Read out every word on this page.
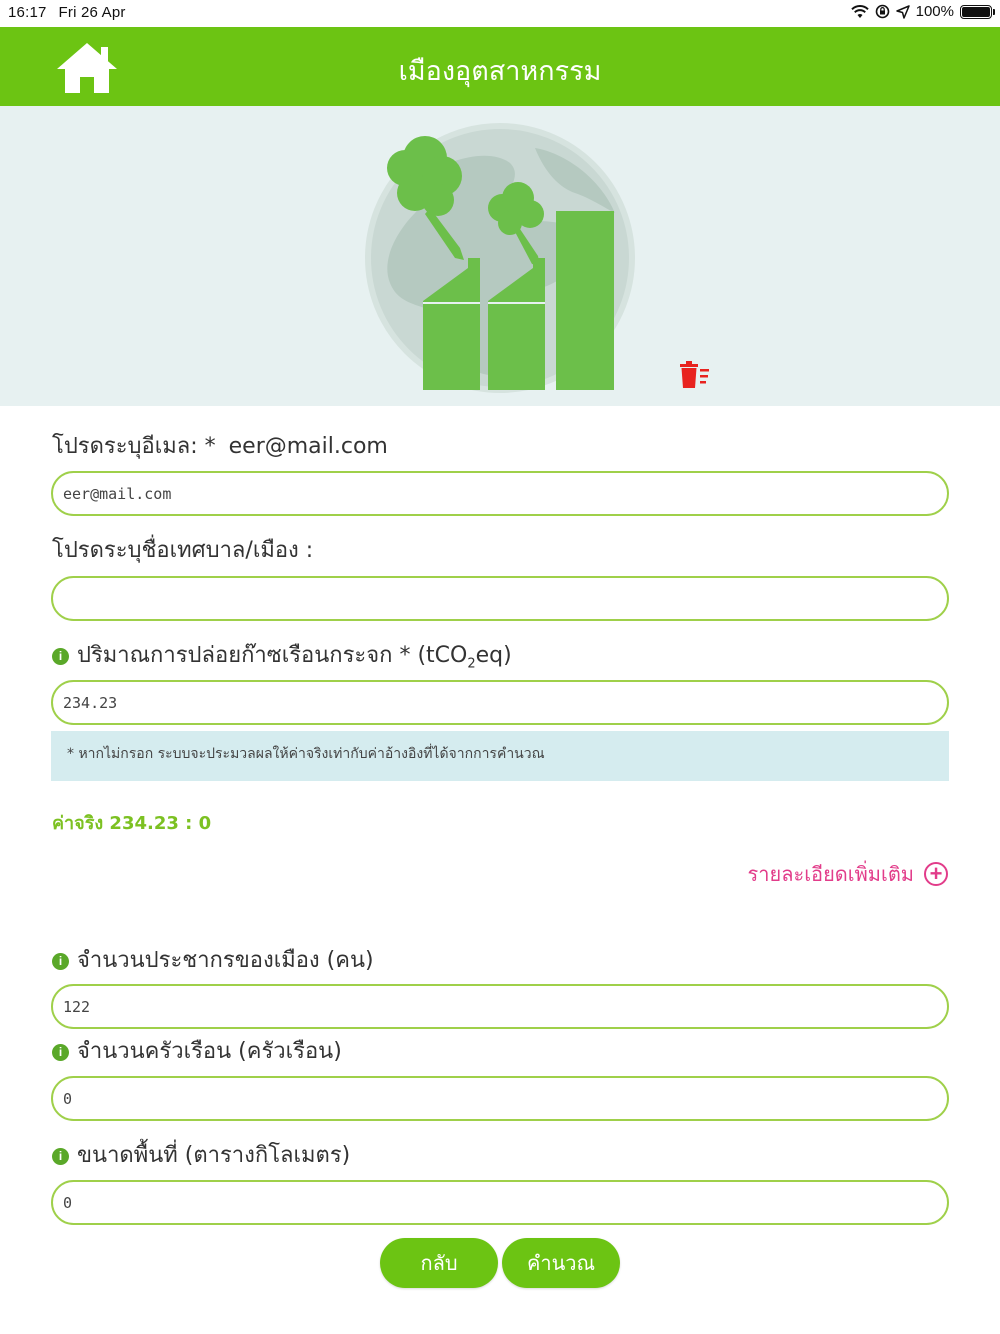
16:17 Fri 26 Apr	100%
เมืองอุตสาหกรรม
โปรดระบุอีเมล: * eer@mail.com
eer@mail.com
โปรดระบุชื่อเทศบาล/เมือง :
i ปริมาณการปล่อยก๊าซเรือนกระจก * (tCO$_2$eq)
234.23
* หากไม่กรอก ระบบจะประมวลผลให้ค่าจริงเท่ากับค่าอ้างอิงที่ได้จากการคำนวณ
ค่าจริง 234.23 : 0
รายละเอียดเพิ่มเติม +
i จำนวนประชากรของเมือง (คน)
122
i จำนวนครัวเรือน (ครัวเรือน)
0
i ขนาดพื้นที่ (ตารางกิโลเมตร)
0
กลับ	คำนวณ
